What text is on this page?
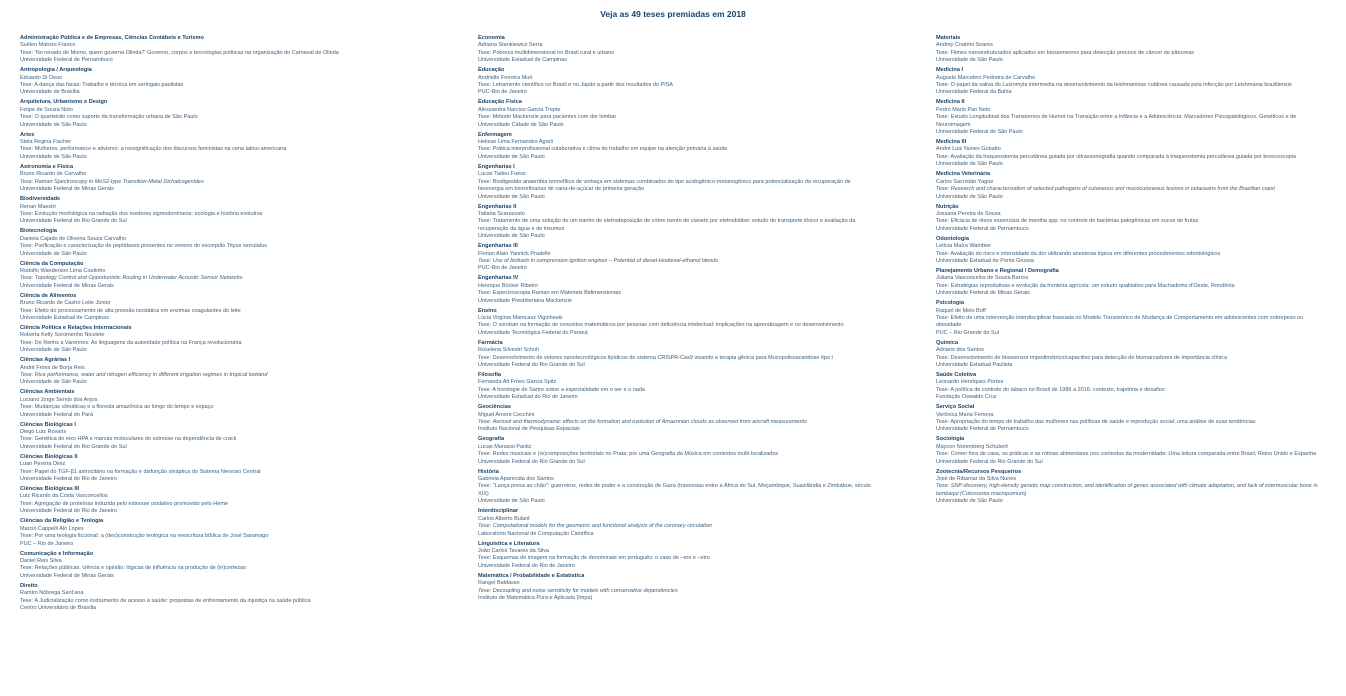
Veja as 49 teses premiadas em 2018
Administração Pública e de Empresas, Ciências Contábeis e Turismo
Suêlen Matozo Franco
Tese: 'No renado de Momo, quem governa Olinda?' Governo, corpos e tecnologias políticas na organização do Carnaval de Olinda
Universidade Federal de Pernambuco
Antropologia / Arqueologia
Eduardo Di Deus
Tese: A dança das facas: Trabalho e técnica em seringais paulistas
Universidade de Brasília
Arquitetura, Urbanismo e Design
Felipe de Souza Noto
Tese: O quarteirão como suporte da transformação urbana de São Paulo
Universidade de São Paulo
Artes
Stela Regina Fischer
Tese: Mulheres, performance e ativismo: a ressignificação dos discursos feministas na cena latino-americana
Universidade de São Paulo
Astronomia e Física
Bruno Ricardo de Carvalho
Tese: Raman Spectroscopy in MoS2-type Transition-Metal Dichalcogenides
Universidade Federal de Minas Gerais
Biodiversidade
Renan Maestri
Tese: Evolução morfológica na radiação dos roedores sigmodontíneos: ecologia e história evolutiva
Universidade Federal do Rio Grande do Sul
Biotecnologia
Daniela Cajado de Oliveira Souza Carvalho
Tese: Purificação e caracterização de peptidases presentes no veneno do escorpião Tityus serrulatus
Universidade de São Paulo
Ciência da Computação
Rodolfo Wanderson Lima Coutinho
Tese: Topology Control and Opportunistic Routing in Underwater Acoustic Sensor Networks
Universidade Federal de Minas Gerais
Ciência de Alimentos
Bruno Ricardo de Castro Leite Júnior
Tese: Efeito do processamento de alta pressão isostática em enzimas coagulantes do leite
Universidade Estadual de Campinas
Ciência Política e Relações Internacionais
Roberta Kelly Soromenho Nicolete
Tese: De Reims a Varennes: As linguagens da autoridade política na França revolucionária
Universidade de São Paulo
Ciências Agrárias I
André Fróes de Borja Reis
Tese: Rice performance, water and nitrogen efficiency in different irrigation regimes in tropical lowland
Universidade de São Paulo
Ciências Ambientais
Luciano Jorge Serejo dos Anjos
Tese: Mudanças climáticas e a floresta amazônica ao longo do tempo e espaço
Universidade Federal do Pará
Ciências Biológicas I
Diego Luiz Rovaris
Tese: Genética do eixo HPA e marcas moleculares do estresse na dependência de crack
Universidade Federal do Rio Grande do Sul
Ciências Biológicas II
Luan Pereira Diniz
Tese: Papel do TGF-β1 astrocitário na formação e disfunção sináptica do Sistema Nervoso Central
Universidade Federal do Rio de Janeiro
Ciências Biológicas III
Luiz Ricardo da Costa Vasconcellos
Tese: Agregação de proteínas induzida pelo estresse oxidativo promovido pelo Heme
Universidade Federal do Rio de Janeiro
Ciências da Religião e Teologia
Marcio Cappelli Aló Lopes
Tese: Por uma teologia ficcional: a (des)construção teológica na reescritura bíblica de José Saramago
PUC – Rio de Janeiro
Comunicação e Informação
Daniel Reis Silva
Tese: Relações públicas, ciência e opinião: lógicas de influência na produção de (in)certezas
Universidade Federal de Minas Gerais
Direito
Ramiro Nóbrega Sant'ana
Tese: A Judicialização como instrumento de acesso à saúde: propostas de enfrentamento da injustiça na saúde pública
Centro Universitário de Brasília
Economia
Adriana Stankiewicz Serra
Tese: Pobreza multidimensional no Brasil rural e urbano
Universidade Estadual de Campinas
Educação
Andrielle Ferreira Muri
Tese: Letramento científico no Brasil e no Japão a partir dos resultados do PISA
PUC-Rio de Janeiro
Educação Física
Alessandra Narciso Garcia Trepte
Tese: Método Mackenzie para pacientes com dor lombar
Universidade Cidade de São Paulo
Enfermagem
Heloise Lima Fernandes Agreli
Tese: Prática interprofissional colaborativa e clima do trabalho em equipe na atenção primária à saúde
Universidade de São Paulo
Engenharias I
Lucas Tadeu Fuess
Tese: Biodigestão anaeróbia termofílica de vinhaça em sistemas combinados do tipo acidogênico-metanogênico para potencialização da recuperação de bioenergia em biorrefinarias de cana-de-açúcar de primeira geração
Universidade de São Paulo
Engenharias II
Tatiana Scarazzato
Tese: Tratamento de uma solução de um banho de eletrodeposição de cobre isento de cianeto por eletrodiálise: estudo do transporte iônico e avaliação da recuperação da água e de insumos
Universidade de São Paulo
Engenharias III
Florian Alain Yannick Pradelle
Tese: Use of biofuels in compression ignition engines – Potential of diesel-biodiesel-ethanol blends
PUC-Rio de Janeiro
Engenharias IV
Henrique Bücker Ribeiro
Tese: Espectroscopia Raman em Materiais Bidimensionais
Universidade Presbiteriana Mackenzie
Ensino
Lúcia Virginia Mamcasz Viginheski
Tese: O soroban na formação de conceitos matemáticos por pessoas com deficiência intelectual: implicações na aprendizagem e no desenvolvimento
Universidade Tecnológica Federal do Paraná
Farmácia
Roselena Silvestri Schuh
Tese: Desenvolvimento de vetores nanotecnológicos lipídicos do sistema CRISPR-Cas9 visando a terapia gênica para Mucopolissacaridose tipo I
Universidade Federal do Rio Grande do Sul
Filosofia
Fernanda Alt Fróes Garcia Spitz
Tese: A horologie de Sartre sobre a especialidade em o ser e o nada
Universidade Estadual do Rio de Janeiro
Geociências
Miguel Amore Cecchini
Tese: Aerosol and thermodynamic effects on the formation and evolution of Amazonian clouds as observed from aircraft measurements
Instituto Nacional de Pesquisas Espaciais
Geografia
Lucas Manassi Panitz
Tese: Redes musicais e (re)composições territoriais no Prata: por uma Geografia da Música em contextos multi-localizados
Universidade Federal do Rio Grande do Sul
História
Gabriela Aparecida dos Santos
Tese: "Lança presa ao chão": guerreiros, redes de poder e a construção de Gaza (travessias entre a África do Sul, Moçambique, Suazilândia e Zimbábue, século XIX)
Universidade de São Paulo
Interdisciplinar
Carlos Alberto Bulant
Tese: Computational models for the geometric and functional analysis of the coronary circulation
Laboratório Nacional de Computação Científica
Linguística e Literatura
João Carlos Tavares da Silva
Tese: Esquemas de imagem na formação de denominais em português: o caso de –ero e –eiro
Universidade Federal do Rio de Janeiro
Matemática / Probabilidade e Estatística
Rangel Baldasso
Tese: Decoupling and noise sensitivity for models with conservative dependencies
Instituto de Matemática Pura e Aplicada (Impa)
Materiais
Andrey Coatrini Soares
Tese: Filmes nanoestruturados aplicados em biossensores para detecção precoce de câncer de pâncreas
Universidade de São Paulo
Medicina I
Augusto Marcelino Pedreira de Carvalho
Tese: O papel da saliva do Lutzomyia intermedia na desenvolvimento da leishmaniose cutânea causada pela infecção por Leishmania braziliensis
Universidade Federal da Bahia
Medicina II
Pedro Mario Pan Neto
Tese: Estudo Longitudinal dos Transtornos de Humor na Transição entre a Infância e a Adolescência: Marcadores Psicopatológicos, Genéticos e de Neuroimagem
Universidade Federal de São Paulo
Medicina III
André Luiz Nunes Gobatto
Tese: Avaliação da traqueostomia percutânea guiada por ultrassonografia quando comparada à traqueostomia percutânea guiada por broncoscopia
Universidade de São Paulo
Medicina Veterinária
Carlos Sacristán Yagüe
Tese: Research and characterization of selected pathogens of cutaneous and mucocutaneous lesions in cetaceans from the Brazilian coast
Universidade de São Paulo
Nutrição
Jossana Pereira de Sousa
Tese: Eficácia de óleos essenciais de mentha spp. no controle de bactérias patogênicas em sucos de frutas
Universidade Federal de Pernambuco
Odontologia
Letícia Maíra Wambier
Tese: Avaliação do risco e intensidade da dor utilizando anestesia tópica em diferentes procedimentos odontológicos
Universidade Estadual de Ponta Grossa
Planejamento Urbano e Regional / Demografia
Juliana Vasconcelos de Souza Barros
Tese: Estratégias reprodutivas e evolução da fronteira agrícola: um estudo qualitativo para Machadinho d'Oeste, Rondônia
Universidade Federal de Minas Gerais
Psicologia
Raquel de Melo Boff
Tese: Efeito de uma intervenção interdisciplinar baseada no Modelo Transteórico de Mudança de Comportamento em adolescentes com sobrepeso ou obesidade
PUC – Rio Grande do Sul
Química
Adriano dos Santos
Tese: Desenvolvimento de biossensor impedimétrico/capacitivo para detecção de biomarcadores de importância clínica
Universidade Estadual Paulista
Saúde Coletiva
Leonardo Henriques Portes
Tese: A política de controle do tabaco no Brasil de 1986 a 2016: contexto, trajetória e desafios
Fundação Oswaldo Cruz
Serviço Social
Verônica Maria Ferreira
Tese: Apropriação do tempo de trabalho das mulheres nas políticas de saúde e reprodução social: uma análise de suas tendências
Universidade Federal de Pernambuco
Sociologia
Maycon Noremberg Schubert
Tese: Comer fora de casa, as práticas e as rotinas alimentares nos contextos da modernidade: Uma leitura comparada entre Brasil, Reino Unido e Espanha
Universidade Federal do Rio Grande do Sul
Zootecnia/Recursos Pesqueiros
José de Ribamar da Silva Nunes
Tese: SNP discovery, high-density genetic map construction, and identification of genes associated with climate adaptation, and lack of intermuscular bone in tambaqui (Colossoma macropomum)
Universidade de São Paulo
